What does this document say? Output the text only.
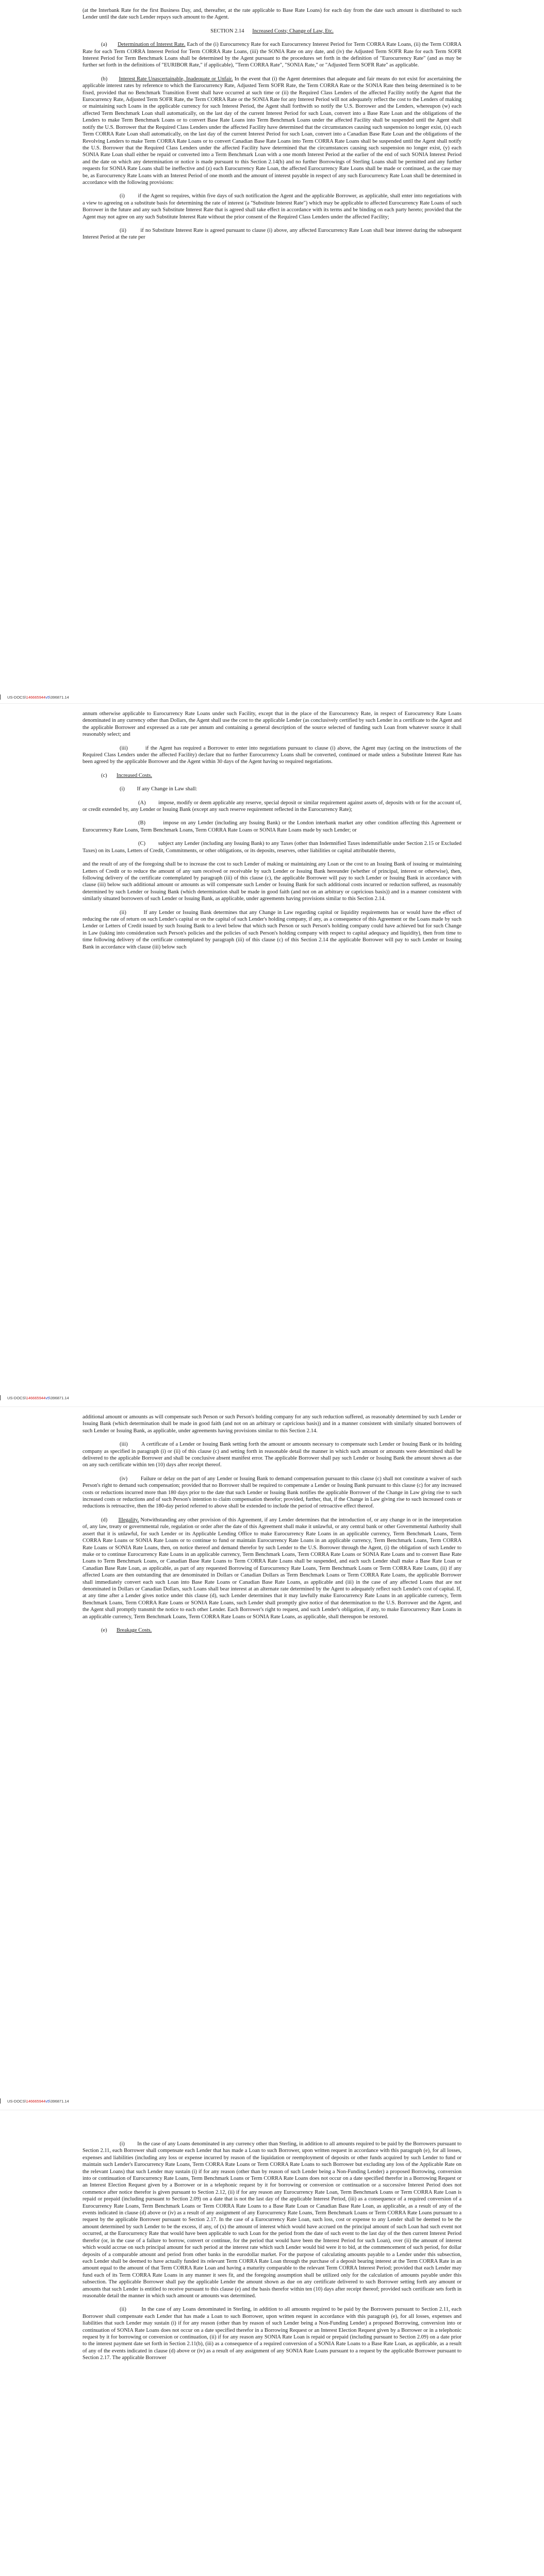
(at the Interbank Rate for the first Business Day, and, thereafter, at the rate applicable to Base Rate Loans) for each day from the date such amount is distributed to such Lender until the date such Lender repays such amount to the Agent.

SECTION 2.14 Increased Costs; Change of Law, Etc.

(a) Determination of Interest Rate. Each of the (i) Eurocurrency Rate for each Eurocurrency Interest Period for Term CORRA Rate Loans, (ii) the Term CORRA Rate for each Term CORRA Interest Period for Term CORRA Rate Loans, (iii) the SONIA Rate on any date, and (iv) the Adjusted Term SOFR Rate for each Term SOFR Interest Period for Term Benchmark Loans shall be determined by the Agent pursuant to the procedures set forth in the definition of "Eurocurrency Rate" (and as may be further set forth in the definitions of "EURIBOR Rate," if applicable), "Term CORRA Rate", "SONIA Rate," or "Adjusted Term SOFR Rate" as applicable.

(b) Interest Rate Unascertainable, Inadequate or Unfair. In the event that (i) the Agent determines that adequate and fair means do not exist for ascertaining the applicable interest rates by reference to which the Eurocurrency Rate, Adjusted Term SOFR Rate, the Term CORRA Rate or the SONIA Rate then being determined is to be fixed, provided that no Benchmark Transition Event shall have occurred at such time or (ii) the Required Class Lenders of the affected Facility notify the Agent that the Eurocurrency Rate, Adjusted Term SOFR Rate, the Term CORRA Rate or the SONIA Rate for any Interest Period will not adequately reflect the cost to the Lenders of making or maintaining such Loans in the applicable currency for such Interest Period, the Agent shall forthwith so notify the U.S. Borrower and the Lenders, whereupon (w) each affected Term Benchmark Loan shall automatically, on the last day of the current Interest Period for such Loan, convert into a Base Rate Loan and the obligations of the Lenders to make Term Benchmark Loans or to convert Base Rate Loans into Term Benchmark Loans under the affected Facility shall be suspended until the Agent shall notify the U.S. Borrower that the Required Class Lenders under the affected Facility have determined that the circumstances causing such suspension no longer exist, (x) each Term CORRA Rate Loan shall automatically, on the last day of the current Interest Period for such Loan, convert into a Canadian Base Rate Loan and the obligations of the Revolving Lenders to make Term CORRA Rate Loans or to convert Canadian Base Rate Loans into Term CORRA Rate Loans shall be suspended until the Agent shall notify the U.S. Borrower that the Required Class Lenders under the affected Facility have determined that the circumstances causing such suspension no longer exist, (y) each SONIA Rate Loan shall either be repaid or converted into a Term Benchmark Loan with a one month Interest Period at the earlier of the end of such SONIA Interest Period and the date on which any determination or notice is made pursuant to this Section 2.14(b) and no further Borrowings of Sterling Loans shall be permitted and any further requests for SONIA Rate Loans shall be ineffective and (z) each Eurocurrency Rate Loan, the affected Eurocurrency Rate Loans shall be made or continued, as the case may be, as Eurocurrency Rate Loans with an Interest Period of one month and the amount of interest payable in respect of any such Eurocurrency Rate Loan shall be determined in accordance with the following provisions:

(i) if the Agent so requires, within five days of such notification the Agent and the applicable Borrower, as applicable, shall enter into negotiations with a view to agreeing on a substitute basis for determining the rate of interest (a "Substitute Interest Rate") which may be applicable to affected Eurocurrency Rate Loans of such Borrower in the future and any such Substitute Interest Rate that is agreed shall take effect in accordance with its terms and be binding on each party hereto; provided that the Agent may not agree on any such Substitute Interest Rate without the prior consent of the Required Class Lenders under the affected Facility;

(ii)	if no Substitute Interest Rate is agreed pursuant to clause (i) above, any affected Eurocurrency Rate Loan shall bear interest during the subsequent Interest Period at the rate per

US-DOCS\146665944v5\396871.14

annum otherwise applicable to Eurocurrency Rate Loans under such Facility, except that in the place of the Eurocurrency Rate, in respect of Eurocurrency Rate Loans denominated in any currency other than Dollars, the Agent shall use the cost to the applicable Lender (as conclusively certified by such Lender in a certificate to the Agent and the applicable Borrower and expressed as a rate per annum and containing a general description of the source selected of funding such Loan from whatever source it shall reasonably select; and

(iii)	if the Agent has required a Borrower to enter into negotiations pursuant to clause (i) above, the Agent may (acting on the instructions of the Required Class Lenders under the affected Facility) declare that no further Eurocurrency Loans shall be converted, continued or made unless a Substitute Interest Rate has been agreed by the applicable Borrower and the Agent within 30 days of the Agent having so required negotiations.

(c) Increased Costs.

(i) If any Change in Law shall:

(A) impose, modify or deem applicable any reserve, special deposit or similar requirement against assets of, deposits with or for the account of, or credit extended by, any Lender or Issuing Bank (except any such reserve requirement reflected in the Eurocurrency Rate);

(B)	impose on any Lender (including any Issuing Bank) or the London interbank market any other condition affecting this Agreement or Eurocurrency Rate Loans, Term Benchmark Loans, Term CORRA Rate Loans or SONIA Rate Loans made by such Lender; or

(C) subject any Lender (including any Issuing Bank) to any Taxes (other than Indemnified Taxes indemnifiable under Section 2.15 or Excluded Taxes) on its Loans, Letters of Credit, Commitments, or other obligations, or its deposits, reserves, other liabilities or capital attributable thereto,

and the result of any of the foregoing shall be to increase the cost to such Lender of making or maintaining any Loan or the cost to an Issuing Bank of issuing or maintaining Letters of Credit or to reduce the amount of any sum received or receivable by such Lender or Issuing Bank hereunder (whether of principal, interest or otherwise), then, following delivery of the certificate contemplated by paragraph (iii) of this clause (c), the applicable Borrower will pay to such Lender or Issuing Bank in accordance with clause (iii) below such additional amount or amounts as will compensate such Lender or Issuing Bank for such additional costs incurred or reduction suffered, as reasonably determined by such Lender or Issuing Bank (which determination shall be made in good faith (and not on an arbitrary or capricious basis)) and in a manner consistent with similarly situated borrowers of such Lender or Issuing Bank, as applicable, under agreements having provisions similar to this Section 2.14.

(ii)	If any Lender or Issuing Bank determines that any Change in Law regarding capital or liquidity requirements has or would have the effect of reducing the rate of return on such Lender's capital or on the capital of such Lender's holding company, if any, as a consequence of this Agreement or the Loans made by such Lender or Letters of Credit issued by such Issuing Bank to a level below that which such Person or such Person's holding company could have achieved but for such Change in Law (taking into consideration such Person's policies and the policies of such Person's holding company with respect to capital adequacy and liquidity), then from time to time following delivery of the certificate contemplated by paragraph (iii) of this clause (c) of this Section 2.14 the applicable Borrower will pay to such Lender or Issuing Bank in accordance with clause (iii) below such

US-DOCS\146665944v5\396871.14

additional amount or amounts as will compensate such Person or such Person's holding company for any such reduction suffered, as reasonably determined by such Lender or Issuing Bank (which determination shall be made in good faith (and not on an arbitrary or capricious basis)) and in a manner consistent with similarly situated borrowers of such Lender or Issuing Bank, as applicable, under agreements having provisions similar to this Section 2.14.

(iii) A certificate of a Lender or Issuing Bank setting forth the amount or amounts necessary to compensate such Lender or Issuing Bank or its holding company as specified in paragraph (i) or (ii) of this clause (c) and setting forth in reasonable detail the manner in which such amount or amounts were determined shall be delivered to the applicable Borrower and shall be conclusive absent manifest error. The applicable Borrower shall pay such Lender or Issuing Bank the amount shown as due on any such certificate within ten (10) days after receipt thereof.

(iv) Failure or delay on the part of any Lender or Issuing Bank to demand compensation pursuant to this clause (c) shall not constitute a waiver of such Person's right to demand such compensation; provided that no Borrower shall be required to compensate a Lender or Issuing Bank pursuant to this clause (c) for any increased costs or reductions incurred more than 180 days prior to the date that such Lender or Issuing Bank notifies the applicable Borrower of the Change in Law giving rise to such increased costs or reductions and of such Person's intention to claim compensation therefor; provided, further, that, if the Change in Law giving rise to such increased costs or reductions is retroactive, then the 180-day period referred to above shall be extended to include the period of retroactive effect thereof.

(d) Illegality. Notwithstanding any other provision of this Agreement, if any Lender determines that the introduction of, or any change in or in the interpretation of, any law, treaty or governmental rule, regulation or order after the date of this Agreement shall make it unlawful, or any central bank or other Governmental Authority shall assert that it is unlawful, for such Lender or its Applicable Lending Office to make Eurocurrency Rate Loans in an applicable currency, Term Benchmark Loans, Term CORRA Rate Loans or SONIA Rate Loans or to continue to fund or maintain Eurocurrency Rate Loans in an applicable currency, Term Benchmark Loans, Term CORRA Rate Loans or SONIA Rate Loans, then, on notice thereof and demand therefor by such Lender to the U.S. Borrower through the Agent, (i) the obligation of such Lender to make or to continue Eurocurrency Rate Loans in an applicable currency, Term Benchmark Loans, Term CORRA Rate Loans or SONIA Rate Loans and to convert Base Rate Loans to Term Benchmark Loans, or Canadian Base Rate Loans to Term CORRA Rate Loans shall be suspended, and each such Lender shall make a Base Rate Loan or Canadian Base Rate Loan, as applicable, as part of any requested Borrowing of Eurocurrency Rate Loans, Term Benchmark Loans or Term CORRA Rate Loans, (ii) if any affected Loans are then outstanding that are denominated in Dollars or Canadian Dollars as Term Benchmark Loans or Term CORRA Rate Loans, the applicable Borrower shall immediately convert each such Loan into Base Rate Loans or Canadian Base Rate Loans, as applicable and (iii) in the case of any affected Loans that are not denominated in Dollars or Canadian Dollars, such Loans shall bear interest at an alternate rate determined by the Agent to adequately reflect such Lender's cost of capital. If, at any time after a Lender gives notice under this clause (d), such Lender determines that it may lawfully make Eurocurrency Rate Loans in an applicable currency, Term Benchmark Loans, Term CORRA Rate Loans or SONIA Rate Loans, such Lender shall promptly give notice of that determination to the U.S. Borrower and the Agent, and the Agent shall promptly transmit the notice to each other Lender. Each Borrower's right to request, and such Lender's obligation, if any, to make Eurocurrency Rate Loans in an applicable currency, Term Benchmark Loans, Term CORRA Rate Loans or SONIA Rate Loans, as applicable, shall thereupon be restored.

(e) Breakage Costs.

US-DOCS\146665944v5\396871.14

(i) In the case of any Loans denominated in any currency other than Sterling, in addition to all amounts required to be paid by the Borrowers pursuant to Section 2.11, each Borrower shall compensate each Lender that has made a Loan to such Borrower, upon written request in accordance with this paragraph (e), for all losses, expenses and liabilities (including any loss or expense incurred by reason of the liquidation or reemployment of deposits or other funds acquired by such Lender to fund or maintain such Lender's Eurocurrency Rate Loans, Term CORRA Rate Loans or Term CORRA Rate Loans to such Borrower but excluding any loss of the Applicable Rate on the relevant Loans) that such Lender may sustain (i) if for any reason (other than by reason of such Lender being a Non-Funding Lender) a proposed Borrowing, conversion into or continuation of Eurocurrency Rate Loans, Term Benchmark Loans or Term CORRA Rate Loans does not occur on a date specified therefor in a Borrowing Request or an Interest Election Request given by a Borrower or in a telephonic request by it for borrowing or conversion or continuation or a successive Interest Period does not commence after notice therefor is given pursuant to Section 2.12, (ii) if for any reason any Eurocurrency Rate Loan, Term Benchmark Loans or Term CORRA Rate Loan is repaid or prepaid (including pursuant to Section 2.09) on a date that is not the last day of the applicable Interest Period, (iii) as a consequence of a required conversion of a Eurocurrency Rate Loans, Term Benchmark Loans or Term CORRA Rate Loans to a Base Rate Loan or Canadian Base Rate Loan, as applicable, as a result of any of the events indicated in clause (d) above or (iv) as a result of any assignment of any Eurocurrency Rate Loans, Term Benchmark Loans or Term CORRA Rate Loans pursuant to a request by the applicable Borrower pursuant to Section 2.17. In the case of a Eurocurrency Rate Loan, such loss, cost or expense to any Lender shall be deemed to be the amount determined by such Lender to be the excess, if any, of (x) the amount of interest which would have accrued on the principal amount of such Loan had such event not occurred, at the Eurocurrency Rate that would have been applicable to such Loan for the period from the date of such event to the last day of the then current Interest Period therefor (or, in the case of a failure to borrow, convert or continue, for the period that would have been the Interest Period for such Loan), over (ii) the amount of interest which would accrue on such principal amount for such period at the interest rate which such Lender would bid were it to bid, at the commencement of such period, for dollar deposits of a comparable amount and period from other banks in the eurodollar market. For the purpose of calculating amounts payable to a Lender under this subsection, each Lender shall be deemed to have actually funded its relevant Term CORRA Rate Loan through the purchase of a deposit bearing interest at the Term CORRA Rate in an amount equal to the amount of that Term CORRA Rate Loan and having a maturity comparable to the relevant Term CORRA Interest Period; provided that each Lender may fund each of its Term CORRA Rate Loans in any manner it sees fit, and the foregoing assumption shall be utilized only for the calculation of amounts payable under this subsection. The applicable Borrower shall pay the applicable Lender the amount shown as due on any certificate delivered to such Borrower setting forth any amount or amounts that such Lender is entitled to receive pursuant to this clause (e) and the basis therefor within ten (10) days after receipt thereof; provided such certificate sets forth in reasonable detail the manner in which such amount or amounts was determined.

(ii)	In the case of any Loans denominated in Sterling, in addition to all amounts required to be paid by the Borrowers pursuant to Section 2.11, each Borrower shall compensate each Lender that has made a Loan to such Borrower, upon written request in accordance with this paragraph (e), for all losses, expenses and liabilities that such Lender may sustain (i) if for any reason (other than by reason of such Lender being a Non-Funding Lender) a proposed Borrowing, conversion into or continuation of SONIA Rate Loans does not occur on a date specified therefor in a Borrowing Request or an Interest Election Request given by a Borrower or in a telephonic request by it for borrowing or conversion or continuation, (ii) if for any reason any SONIA Rate Loan is repaid or prepaid (including pursuant to Section 2.09) on a date prior to the interest payment date set forth in Section 2.11(b), (iii) as a consequence of a required conversion of a SONIA Rate Loans to a Base Rate Loan, as applicable, as a result of any of the events indicated in clause (d) above or (iv) as a result of any assignment of any SONIA Rate Loans pursuant to a request by the applicable Borrower pursuant to Section 2.17. The applicable Borrower
